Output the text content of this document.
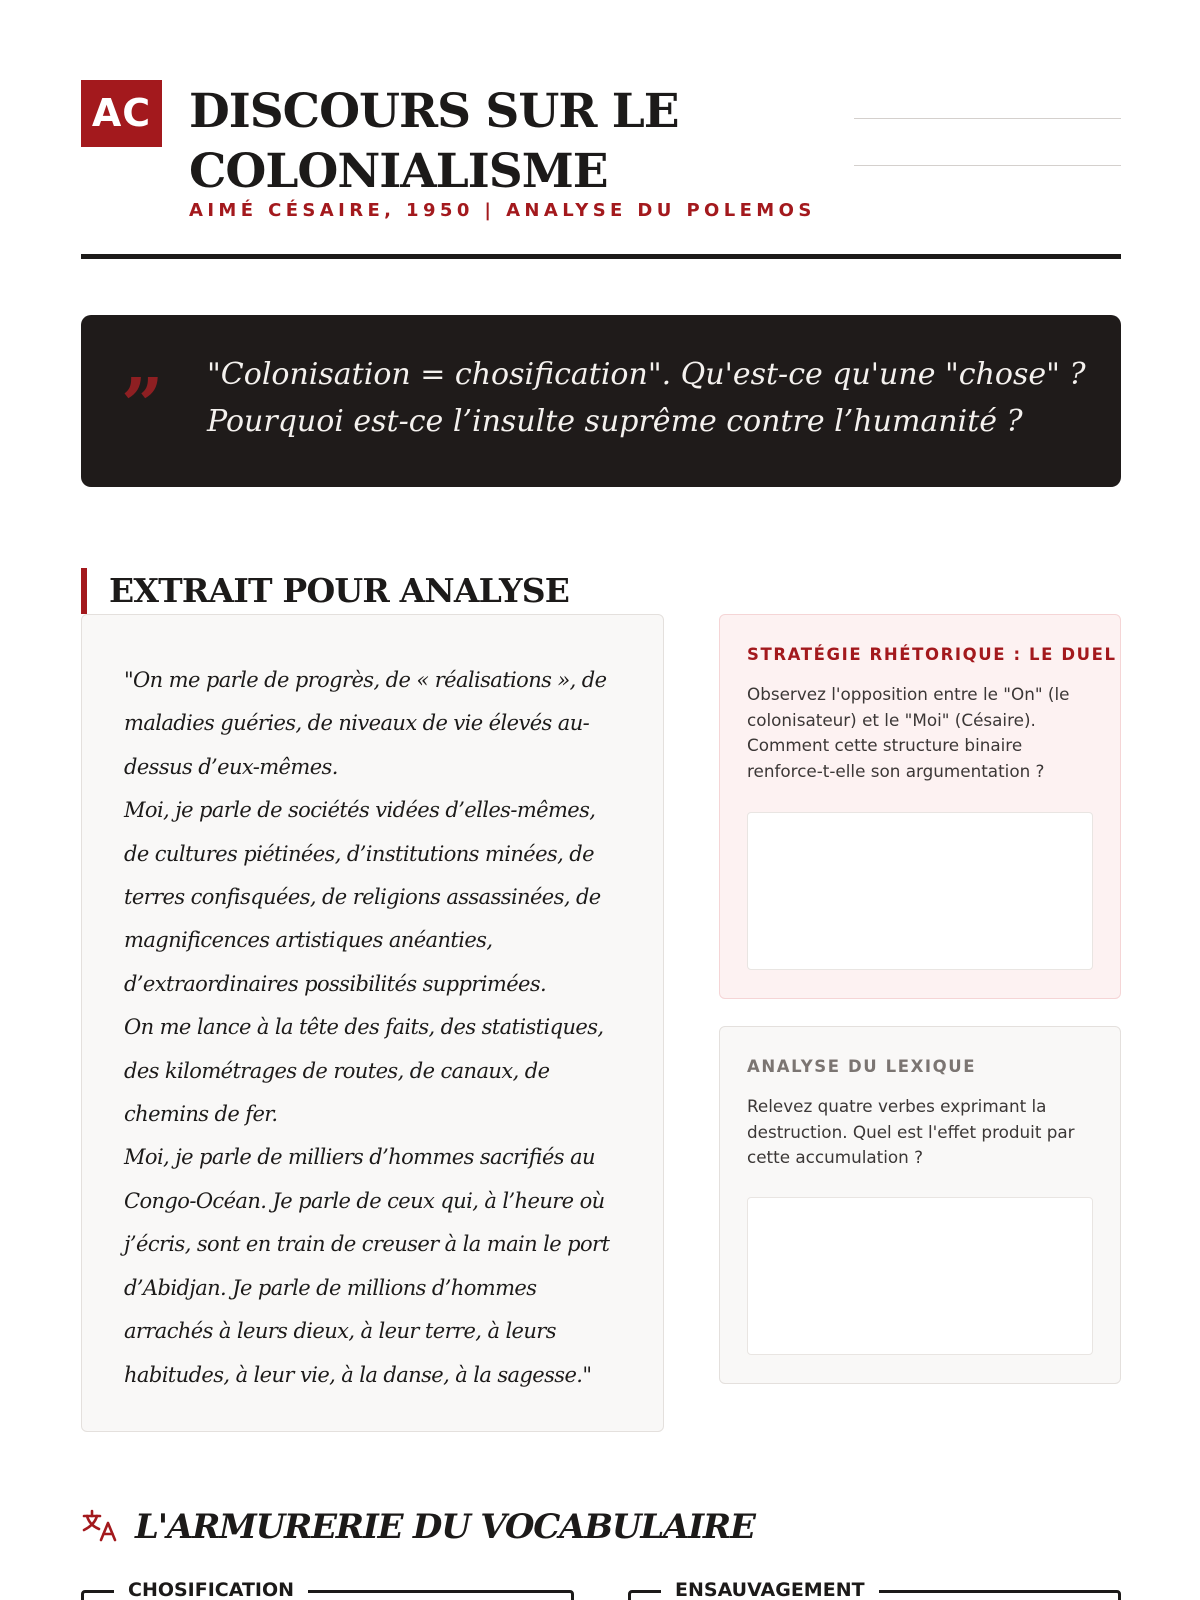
AC DISCOURS SUR LE COLONIALISME

AIMÉ CÉSAIRE, 1950 | ANALYSE DU POLEMOS

” "Colonisation = chosification". Qu'est-ce qu'une "chose" ? Pourquoi est-ce l’insulte suprême contre l’humanité ?

EXTRAIT POUR ANALYSE

"On me parle de progrès, de « réalisations », de maladies guéries, de niveaux de vie élevés au-dessus d’eux-mêmes.
Moi, je parle de sociétés vidées d’elles-mêmes, de cultures piétinées, d’institutions minées, de terres confisquées, de religions assassinées, de magnificences artistiques anéanties, d’extraordinaires possibilités supprimées.
On me lance à la tête des faits, des statistiques, des kilométrages de routes, de canaux, de chemins de fer.
Moi, je parle de milliers d’hommes sacrifiés au Congo-Océan. Je parle de ceux qui, à l’heure où j’écris, sont en train de creuser à la main le port d’Abidjan. Je parle de millions d’hommes arrachés à leurs dieux, à leur terre, à leurs habitudes, à leur vie, à la danse, à la sagesse."

STRATÉGIE RHÉTORIQUE : LE DUEL

Observez l'opposition entre le "On" (le colonisateur) et le "Moi" (Césaire). Comment cette structure binaire renforce-t-elle son argumentation ?

ANALYSE DU LEXIQUE

Relevez quatre verbes exprimant la destruction. Quel est l'effet produit par cette accumulation ?

L'ARMURERIE DU VOCABULAIRE
CHOSIFICATION	ENSAUVAGEMENT
